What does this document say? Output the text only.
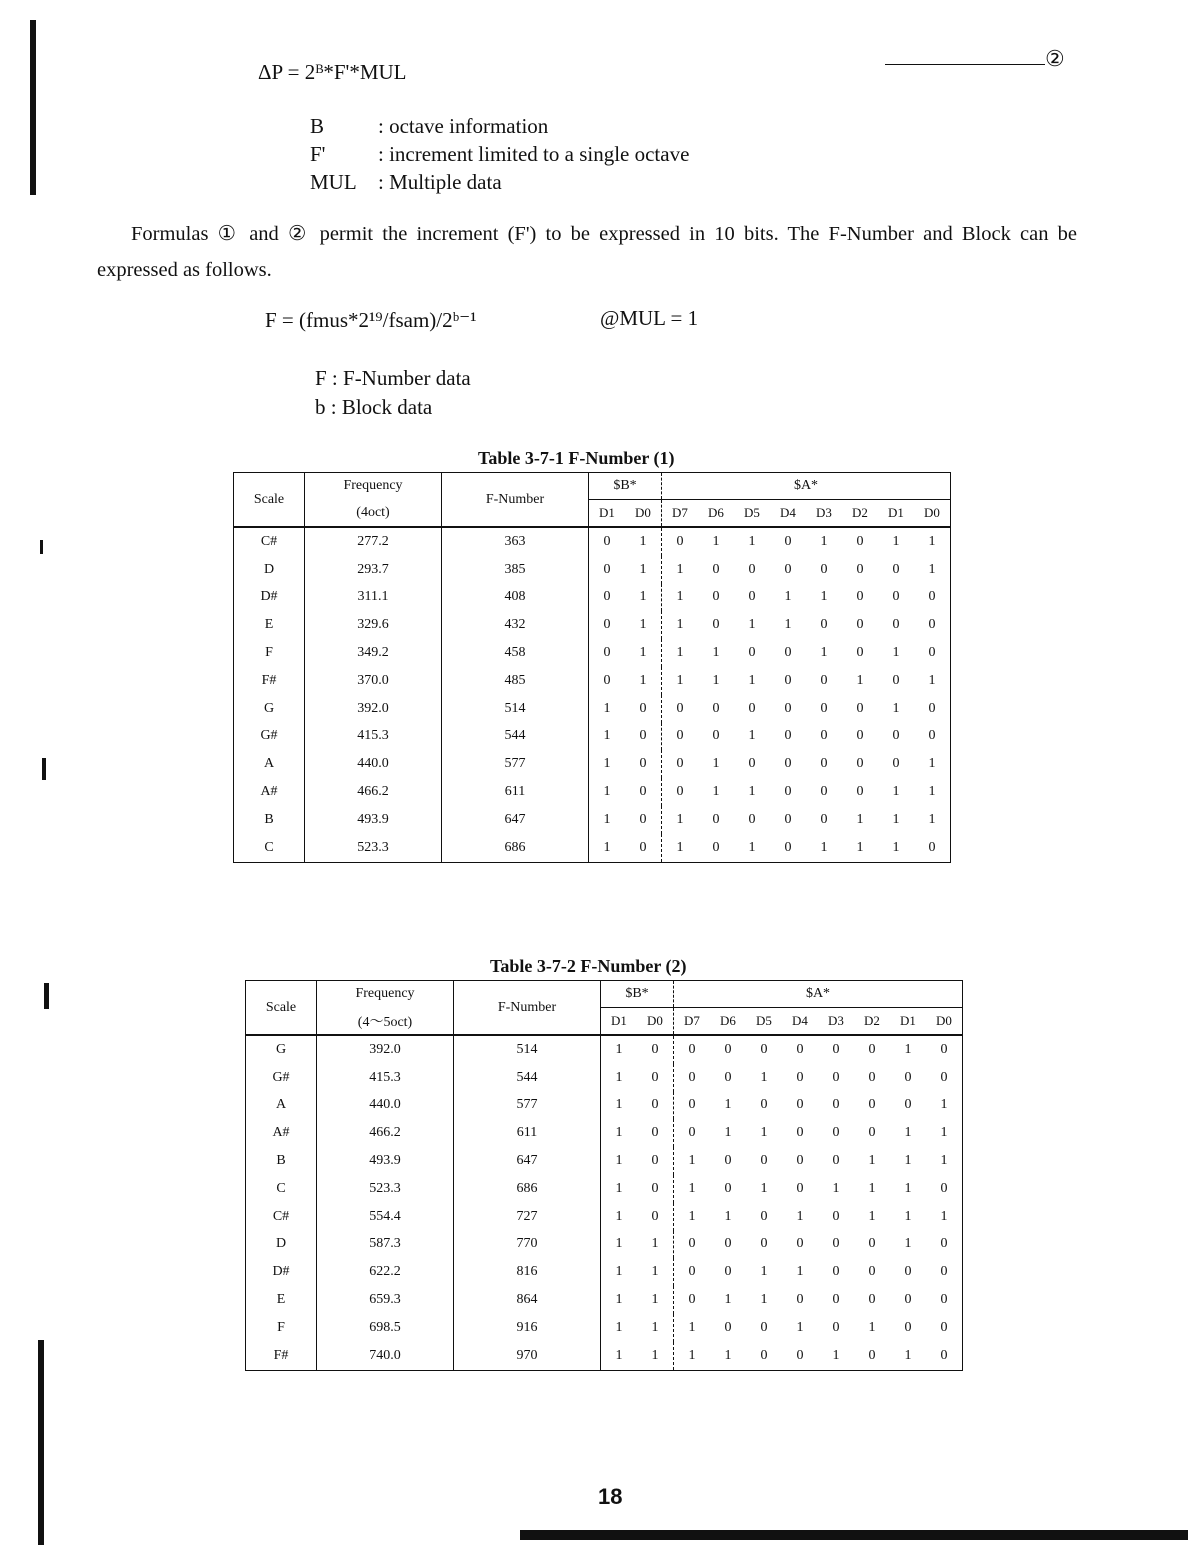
ΔP = 2ᴮ*F'*MUL
②
B	: octave information
F'	: increment limited to a single octave
MUL	: Multiple data
Formulas ① and ② permit the increment (F') to be expressed in 10 bits. The F-Number and Block can be expressed as follows.
F = (fmus*2¹⁹/fsam)/2ᵇ⁻¹	@MUL = 1
F : F-Number data
b : Block data
Table 3-7-1 F-Number (1)
Scale	Frequency	F-Number	$B*		$A*							
	(4oct)		D1	D0	D7	D6	D5	D4	D3	D2	D1	D0
C#	277.2	363	0	1	0	1	1	0	1	0	1	1
D	293.7	385	0	1	1	0	0	0	0	0	0	1
D#	311.1	408	0	1	1	0	0	1	1	0	0	0
E	329.6	432	0	1	1	0	1	1	0	0	0	0
F	349.2	458	0	1	1	1	0	0	1	0	1	0
F#	370.0	485	0	1	1	1	1	0	0	1	0	1
G	392.0	514	1	0	0	0	0	0	0	0	1	0
G#	415.3	544	1	0	0	0	1	0	0	0	0	0
A	440.0	577	1	0	0	1	0	0	0	0	0	1
A#	466.2	611	1	0	0	1	1	0	0	0	1	1
B	493.9	647	1	0	1	0	0	0	0	1	1	1
C	523.3	686	1	0	1	0	1	0	1	1	1	0
Table 3-7-2 F-Number (2)
Scale	Frequency	F-Number	$B*		$A*							
	(4～5oct)		D1	D0	D7	D6	D5	D4	D3	D2	D1	D0
G	392.0	514	1	0	0	0	0	0	0	0	1	0
G#	415.3	544	1	0	0	0	1	0	0	0	0	0
A	440.0	577	1	0	0	1	0	0	0	0	0	1
A#	466.2	611	1	0	0	1	1	0	0	0	1	1
B	493.9	647	1	0	1	0	0	0	0	1	1	1
C	523.3	686	1	0	1	0	1	0	1	1	1	0
C#	554.4	727	1	0	1	1	0	1	0	1	1	1
D	587.3	770	1	1	0	0	0	0	0	0	1	0
D#	622.2	816	1	1	0	0	1	1	0	0	0	0
E	659.3	864	1	1	0	1	1	0	0	0	0	0
F	698.5	916	1	1	1	0	0	1	0	1	0	0
F#	740.0	970	1	1	1	1	0	0	1	0	1	0
18
